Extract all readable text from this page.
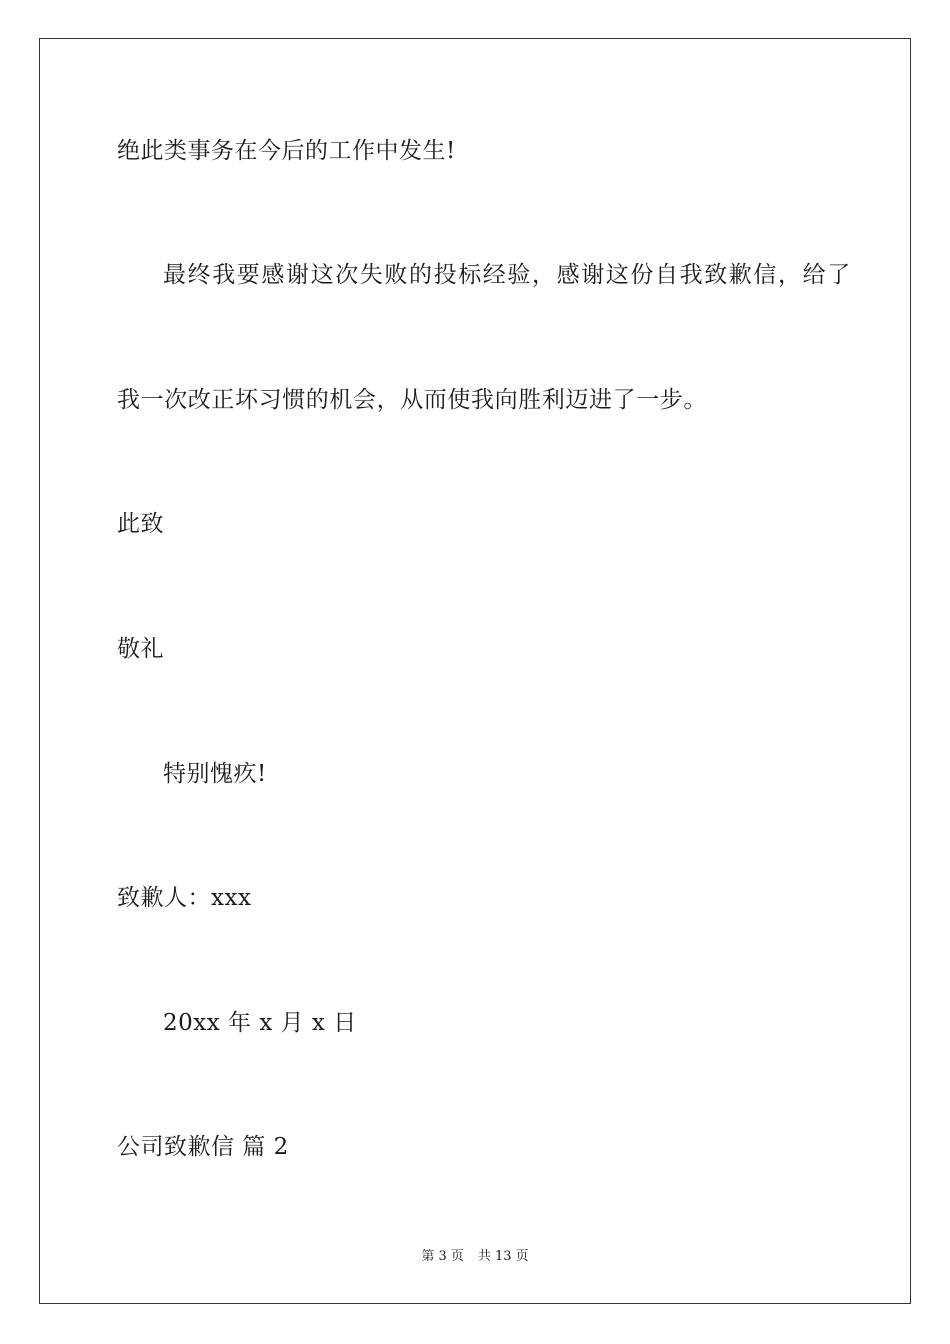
绝此类事务在今后的工作中发生!
最终我要感谢这次失败的投标经验，感谢这份自我致歉信，给了
我一次改正坏习惯的机会，从而使我向胜利迈进了一步。
此致
敬礼
特别愧疚!
致歉人：xxx
20xx 年 x 月 x 日
公司致歉信 篇 2
第 3 页 共 13 页
